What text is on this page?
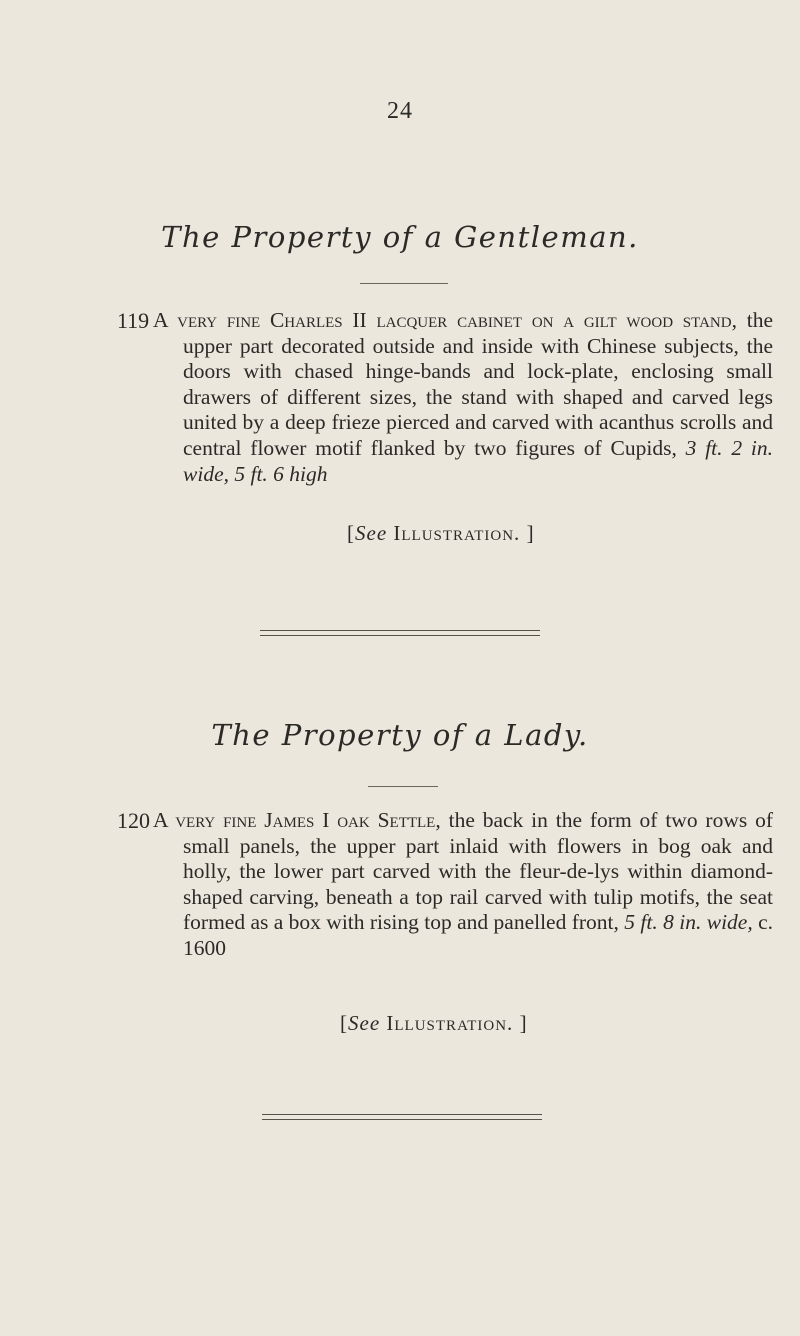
24
The Property of a Gentleman.
119 A very fine Charles II lacquer cabinet on a gilt wood stand, the upper part decorated outside and inside with Chinese subjects, the doors with chased hinge-bands and lock-plate, enclosing small drawers of different sizes, the stand with shaped and carved legs united by a deep frieze pierced and carved with acanthus scrolls and central flower motif flanked by two figures of Cupids, 3 ft. 2 in. wide, 5 ft. 6 high
[See Illustration. ]
The Property of a Lady.
120 A very fine James I oak Settle, the back in the form of two rows of small panels, the upper part inlaid with flowers in bog oak and holly, the lower part carved with the fleur-de-lys within diamond-shaped carving, beneath a top rail carved with tulip motifs, the seat formed as a box with rising top and panelled front, 5 ft. 8 in. wide, c. 1600
[See Illustration. ]
